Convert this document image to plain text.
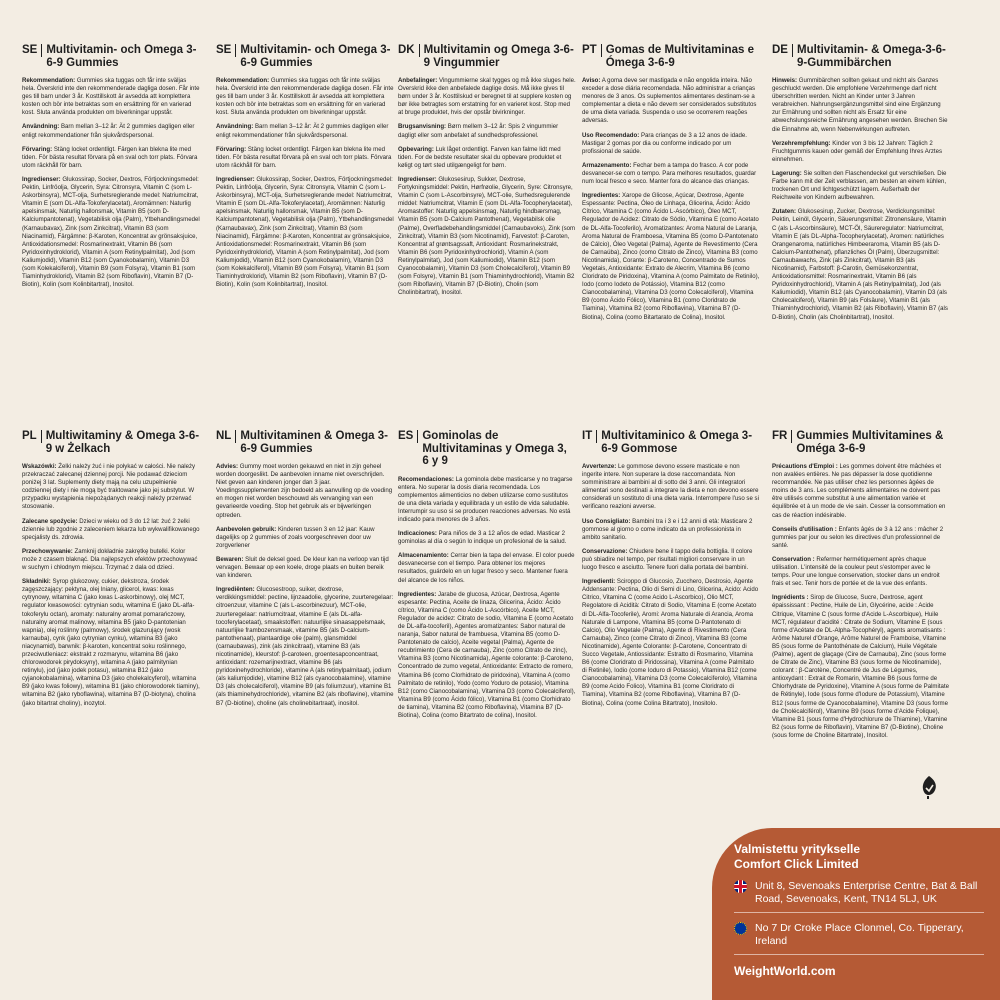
SE Multivitamin- och Omega 3-6-9 Gummies

Rekommendation: Gummies ska tuggas och får inte sväljas hela. Överskrid inte den rekommenderade dagliga dosen. Får inte ges till barn under 3 år. Kosttillskott är avsedda att komplettera kosten och bör inte betraktas som en ersättning för en varierad kost. Sluta använda produkten om biverkningar uppstår.

Användning: Barn mellan 3–12 år: Ät 2 gummies dagligen eller enligt rekommendationer från sjukvårdspersonal.

Förvaring: Stäng locket ordentligt. Färgen kan blekna lite med tiden. För bästa resultat förvara på en sval och torr plats. Förvara utom räckhåll för barn.

Ingredienser: Glukossirap, Socker, Dextros, Förtjockningsmedel: Pektin, Linfröolja, Glycerin, Syra: Citronsyra, Vitamin C (som L-Askorbinsyra), MCT-olja, Surhetsreglerande medel: Natriumcitrat, Vitamin E (som DL-Alfa-Tokoferylacetat), Aromämnen: Naturlig apelsinsmak, Naturlig hallonsmak, Vitamin B5 (som D-Kalciumpantotenat), Vegetabilisk olja (Palm), Ytbehandlingsmedel (Karnaubavax), Zink (som Zinkcitrat), Vitamin B3 (som Niacinamid), Färgämne: β-Karoten, Koncentrat av grönsaksjuice, Antioxidationsmedel: Rosmarinextrakt, Vitamin B6 (som Pyridoxinhydroklorid), Vitamin A (som Retinylpalmitat), Jod (som Kaliumjodid), Vitamin B12 (som Cyanokobalamin), Vitamin D3 (som Kolekalciferol), Vitamin B9 (som Folsyra), Vitamin B1 (som Tiaminhydroklorid), Vitamin B2 (som Riboflavin), Vitamin B7 (D-Biotin), Kolin (som Kolinbitartrat), Inositol.

SE Multivitamin- och Omega 3-6-9 Gummies

Rekommendation: Gummies ska tuggas och får inte sväljas hela. Överskrid inte den rekommenderade dagliga dosen. Får inte ges till barn under 3 år. Kosttillskott är avsedda att komplettera kosten och bör inte betraktas som en ersättning för en varierad kost. Sluta använda produkten om biverkningar uppstår.

Användning: Barn mellan 3–12 år: Ät 2 gummies dagligen eller enligt rekommendationer från sjukvårdspersonal.

Förvaring: Stäng locket ordentligt. Färgen kan blekna lite med tiden. För bästa resultat förvara på en sval och torr plats. Förvara utom räckhåll för barn.

Ingredienser: Glukossirap, Socker, Dextros, Förtjockningsmedel: Pektin, Linfröolja, Glycerin, Syra: Citronsyra, Vitamin C (som L-Askorbinsyra), MCT-olja, Surhetsreglerande medel: Natriumcitrat, Vitamin E (som DL-Alfa-Tokoferylacetat), Aromämnen: Naturlig apelsinsmak, Naturlig hallonsmak, Vitamin B5 (som D-Kalciumpantotenat), Vegetabilisk olja (Palm), Ytbehandlingsmedel (Karnaubavax), Zink (som Zinkcitrat), Vitamin B3 (som Niacinamid), Färgämne: β-Karoten, Koncentrat av grönsaksjuice, Antioxidationsmedel: Rosmarinextrakt, Vitamin B6 (som Pyridoxinhydroklorid), Vitamin A (som Retinylpalmitat), Jod (som Kaliumjodid), Vitamin B12 (som Cyanokobalamin), Vitamin D3 (som Kolekalciferol), Vitamin B9 (som Folsyra), Vitamin B1 (som Tiaminhydroklorid), Vitamin B2 (som Riboflavin), Vitamin B7 (D-Biotin), Kolin (som Kolinbitartrat), Inositol.

DK Multivitamin og Omega 3-6-9 Vingummier

Anbefalinger: Vingummierne skal tygges og må ikke sluges hele. Overskrid ikke den anbefalede daglige dosis. Må ikke gives til børn under 3 år. Kosttilskud er beregnet til at supplere kosten og bør ikke betragtes som erstatning for en varieret kost. Stop med at bruge produktet, hvis der opstår bivirkninger.

Brugsanvisning: Børn mellem 3–12 år: Spis 2 vingummier dagligt eller som anbefalet af sundhedsprofessionel.

Opbevaring: Luk låget ordentligt. Farven kan falme lidt med tiden. For de bedste resultater skal du opbevare produktet et køligt og tørt sted utilgængeligt for børn.

Ingredienser: Glukosesirup, Sukker, Dextrose, Fortykningsmiddel: Pektin, Hørfrøolie, Glycerin, Syre: Citronsyre, Vitamin C (som L-Ascorbinsyre), MCT-olie, Surhedsregulerende middel: Natriumcitrat, Vitamin E (som DL-Alfa-Tocopherylacetat), Aromastoffer: Naturlig appelsinsmag, Naturlig hindbærsmag, Vitamin B5 (som D-Calcium Pantothenat), Vegetabilsk olie (Palme), Overfladebehandlingsmiddel (Carnaubavoks), Zink (som Zinkcitrat), Vitamin B3 (som Nicotinamid), Farvestof: β-Caroten, Koncentrat af grøntsagssaft, Antioxidant: Rosmarinekstrakt, Vitamin B6 (som Pyridoxinhydrochlorid), Vitamin A (som Retinylpalmitat), Jod (som Kaliumiodid), Vitamin B12 (som Cyanocobalamin), Vitamin D3 (som Cholecalciferol), Vitamin B9 (som Folsyre), Vitamin B1 (som Thiaminhydrochlorid), Vitamin B2 (som Riboflavin), Vitamin B7 (D-Biotin), Cholin (som Cholinbitartrat), Inositol.

PT Gomas de Multivitaminas e Ómega 3-6-9

Aviso: A goma deve ser mastigada e não engolida inteira. Não exceder a dose diária recomendada. Não administrar a crianças menores de 3 anos. Os suplementos alimentares destinam-se a complementar a dieta e não devem ser considerados substitutos de uma dieta variada. Suspenda o uso se ocorrerem reações adversas.

Uso Recomendado: Para crianças de 3 a 12 anos de idade. Mastigar 2 gomas por dia ou conforme indicado por um profissional de saúde.

Armazenamento: Fechar bem a tampa do frasco. A cor pode desvanecer-se com o tempo. Para melhores resultados, guardar num local fresco e seco. Manter fora do alcance das crianças.

Ingredientes: Xarope de Glicose, Açúcar, Dextrose, Agente Espessante: Pectina, Óleo de Linhaça, Glicerina, Ácido: Ácido Cítrico, Vitamina C (como Ácido L-Ascórbico), Óleo MCT, Regulador de Acidez: Citrato de Sódio, Vitamina E (como Acetato de DL-Alfa-Tocoferilo), Aromatizantes: Aroma Natural de Laranja, Aroma Natural de Framboesa, Vitamina B5 (como D-Pantotenato de Cálcio), Óleo Vegetal (Palma), Agente de Revestimento (Cera de Carnaúba), Zinco (como Citrato de Zinco), Vitamina B3 (como Nicotinamida), Corante: β-Caroteno, Concentrado de Sumos Vegetais, Antioxidante: Extrato de Alecrim, Vitamina B6 (como Cloridrato de Piridoxina), Vitamina A (como Palmitato de Retinilo), Iodo (como Iodeto de Potássio), Vitamina B12 (como Cianocobalamina), Vitamina D3 (como Colecalciferol), Vitamina B9 (como Ácido Fólico), Vitamina B1 (como Cloridrato de Tiamina), Vitamina B2 (como Riboflavina), Vitamina B7 (D-Biotina), Colina (como Bitartarato de Colina), Inositol.

DE Multivitamin- & Omega-3-6-9-Gummibärchen

Hinweis: Gummibärchen sollten gekaut und nicht als Ganzes geschluckt werden. Die empfohlene Verzehrmenge darf nicht überschritten werden. Nicht an Kinder unter 3 Jahren verabreichen. Nahrungsergänzungsmittel sind eine Ergänzung zur Ernährung und sollten nicht als Ersatz für eine abwechslungsreiche Ernährung angesehen werden. Brechen Sie die Einnahme ab, wenn Nebenwirkungen auftreten.

Verzehrempfehlung: Kinder von 3 bis 12 Jahren: Täglich 2 Fruchtgummis kauen oder gemäß der Empfehlung Ihres Arztes einnehmen.

Lagerung: Sie sollten den Flaschendeckel gut verschließen. Die Farbe kann mit der Zeit verblassen, am besten an einem kühlen, trockenen Ort und lichtgeschützt lagern. Außerhalb der Reichweite von Kindern aufbewahren.

Zutaten: Glukosesirup, Zucker, Dextrose, Verdickungsmittel: Pektin, Leinöl, Glycerin, Säuerungsmittel: Zitronensäure, Vitamin C (als L-Ascorbinsäure), MCT-Öl, Säureregulator: Natriumcitrat, Vitamin E (als DL-Alpha-Tocopherylacetat), Aromen: natürliches Orangenaroma, natürliches Himbeeraroma, Vitamin B5 (als D-Calcium-Pantothenat), pflanzliches Öl (Palm), Überzugsmittel: Carnaubawachs, Zink (als Zinkcitrat), Vitamin B3 (als Nicotinamid), Farbstoff: β-Carotin, Gemüsekonzentrat, Antioxidationsmittel: Rosmarinextrakt, Vitamin B6 (als Pyridoxinhydrochlorid), Vitamin A (als Retinylpalmitat), Jod (als Kaliumiodid), Vitamin B12 (als Cyanocobalamin), Vitamin D3 (als Cholecalciferol), Vitamin B9 (als Folsäure), Vitamin B1 (als Thiaminhydrochlorid), Vitamin B2 (als Riboflavin), Vitamin B7 (als D-Biotin), Cholin (als Cholinbitartrat), Inositol.

PL Multiwitaminy & Omega 3-6-9 w Żelkach

Wskazówki: Żelki należy żuć i nie połykać w całości. Nie należy przekraczać zalecanej dziennej porcji. Nie podawać dzieciom poniżej 3 lat. Suplementy diety mają na celu uzupełnienie codziennej diety i nie mogą być traktowane jako jej substytut. W przypadku wystąpienia niepożądanych reakcji należy przerwać stosowanie.

Zalecane spożycie: Dzieci w wieku od 3 do 12 lat: żuć 2 żelki dziennie lub zgodnie z zaleceniem lekarza lub wykwalifikowanego specjalisty ds. zdrowia.

Przechowywanie: Zamknij dokładnie zakrętkę butelki. Kolor może z czasem blaknąć. Dla najlepszych efektów przechowywać w suchym i chłodnym miejscu. Trzymać z dala od dzieci.

Składniki: Syrop glukozowy, cukier, dekstroza, środek zagęszczający: pektyna, olej lniany, glicerol, kwas: kwas cytrynowy, witamina C (jako kwas L-askorbinowy), olej MCT, regulator kwasowości: cytrynian sodu, witamina E (jako DL-alfa-tokoferylu octan), aromaty: naturalny aromat pomarańczowy, naturalny aromat malinowy, witamina B5 (jako D-pantotenian wapnia), olej roślinny (palmowy), środek glazurujący (wosk karnauba), cynk (jako cytrynian cynku), witamina B3 (jako niacynamid), barwnik: β-karoten, koncentrat soku roślinnego, przeciwutleniacz: ekstrakt z rozmarynu, witamina B6 (jako chlorowodorek pirydoksyny), witamina A (jako palmitynian retinylu), jod (jako jodek potasu), witamina B12 (jako cyjanokobalamina), witamina D3 (jako cholekalcyferol), witamina B9 (jako kwas foliowy), witamina B1 (jako chlorowodorek tiaminy), witamina B2 (jako ryboflawina), witamina B7 (D-biotyna), cholina (jako bitartrat choliny), inozytol.

NL Multivitaminen & Omega 3-6-9 Gummies

Advies: Gummy moet worden gekauwd en niet in zijn geheel worden doorgeslikt. De aanbevolen inname niet overschrijden. Niet geven aan kinderen jonger dan 3 jaar. Voedingssupplementen zijn bedoeld als aanvulling op de voeding en mogen niet worden beschouwd als vervanging van een gevarieerde voeding. Stop het gebruik als er bijwerkingen optreden.

Aanbevolen gebruik: Kinderen tussen 3 en 12 jaar: Kauw dagelijks op 2 gummies of zoals voorgeschreven door uw zorgverlener

Bewaren: Sluit de deksel goed. De kleur kan na verloop van tijd vervagen. Bewaar op een koele, droge plaats en buiten bereik van kinderen.

Ingrediënten: Glucosestroop, suiker, dextrose, verdikkingsmiddel: pectine, lijnzaadolie, glycerine, zuurteregelaar: citroenzuur, vitamine C (als L-ascorbinezuur), MCT-olie, zuurteregelaar: natriumcitraat, vitamine E (als DL-alfa-tocoferylacetaat), smaakstoffen: natuurlijke sinaasappelsmaak, natuurlijke frambozensmaak, vitamine B5 (als D-calcium-pantothenaat), plantaardige olie (palm), glansmiddel (carnaubawas), zink (als zinkcitraat), vitamine B3 (als nicotinamide), kleurstof: β-caroteen, groentesapconcentraat, antioxidant: rozemarijnextract, vitamine B6 (als pyridoxinehydrochloride), vitamine A (als retinylpalmitaat), jodium (als kaliumjodide), vitamine B12 (als cyanocobalamine), vitamine D3 (als cholecalciferol), vitamine B9 (als foliumzuur), vitamine B1 (als thiaminehydrochloride), vitamine B2 (als riboflavine), vitamine B7 (D-biotine), choline (als cholinebitartraat), inositol.

ES Gominolas de Multivitaminas y Omega 3, 6 y 9

Recomendaciones: La gominola debe masticarse y no tragarse entera. No superar la dosis diaria recomendada. Los complementos alimenticios no deben utilizarse como sustitutos de una dieta variada y equilibrada y un estilo de vida saludable. Interrumpir su uso si se producen reacciones adversas. No está indicado para menores de 3 años.

Indicaciones: Para niños de 3 a 12 años de edad. Masticar 2 gominolas al día o según lo indique un profesional de la salud.

Almacenamiento: Cerrar bien la tapa del envase. El color puede desvanecerse con el tiempo. Para obtener los mejores resultados, guárdelo en un lugar fresco y seco. Mantener fuera del alcance de los niños.

Ingredientes: Jarabe de glucosa, Azúcar, Dextrosa, Agente espesante: Pectina, Aceite de linaza, Glicerina, Ácido: Ácido cítrico, Vitamina C (como Ácido L-Ascórbico), Aceite MCT, Regulador de acidez: Citrato de sodio, Vitamina E (como Acetato de DL-alfa-tocoferil), Agentes aromatizantes: Sabor natural de naranja, Sabor natural de frambuesa, Vitamina B5 (como D-Pantotenato de calcio), Aceite vegetal (Palma), Agente de recubrimiento (Cera de carnauba), Zinc (como Citrato de zinc), Vitamina B3 (como Nicotinamida), Agente colorante: β-Caroteno, Concentrado de zumo vegetal, Antioxidante: Extracto de romero, Vitamina B6 (como Clorhidrato de piridoxina), Vitamina A (como Palmitato de retinilo), Yodo (como Yoduro de potasio), Vitamina B12 (como Cianocobalamina), Vitamina D3 (como Colecalciferol), Vitamina B9 (como Ácido fólico), Vitamina B1 (como Clorhidrato de tiamina), Vitamina B2 (como Riboflavina), Vitamina B7 (D-Biotina), Colina (como Bitartrato de colina), Inositol.

IT Multivitaminico & Omega 3-6-9 Gommose

Avvertenze: Le gommose devono essere masticate e non ingerite intere. Non superare la dose raccomandata. Non somministrare ai bambini al di sotto dei 3 anni. Gli integratori alimentari sono destinati a integrare la dieta e non devono essere considerati un sostituto di una dieta varia. Interrompere l'uso se si verificano reazioni avverse.

Uso Consigliato: Bambini tra i 3 e i 12 anni di età: Masticare 2 gommose al giorno o come indicato da un professionista in ambito sanitario.

Conservazione: Chiudere bene il tappo della bottiglia. Il colore può sbiadire nel tempo, per risultati migliori conservare in un luogo fresco e asciutto. Tenere fuori dalla portata dei bambini.

Ingredienti: Sciroppo di Glucosio, Zucchero, Destrosio, Agente Addensante: Pectina, Olio di Semi di Lino, Glicerina, Acido: Acido Citrico, Vitamina C (come Acido L-Ascorbico), Olio MCT, Regolatore di Acidità: Citrato di Sodio, Vitamina E (come Acetato di DL-Alfa-Tocoferile), Aromi: Aroma Naturale di Arancia, Aroma Naturale di Lampone, Vitamina B5 (come D-Pantotenato di Calcio), Olio Vegetale (Palma), Agente di Rivestimento (Cera Carnauba), Zinco (come Citrato di Zinco), Vitamina B3 (come Nicotinamide), Agente Colorante: β-Carotene, Concentrato di Succo Vegetale, Antiossidante: Estratto di Rosmarino, Vitamina B6 (come Cloridrato di Piridossina), Vitamina A (come Palmitato di Retinile), Iodio (come Ioduro di Potassio), Vitamina B12 (come Cianocobalamina), Vitamina D3 (come Colecalciferolo), Vitamina B9 (come Acido Folico), Vitamina B1 (come Cloridrato di Tiamina), Vitamina B2 (come Riboflavina), Vitamina B7 (D-Biotina), Colina (come Colina Bitartrato), Inositolo.

FR Gummies Multivitamines & Oméga 3-6-9

Précautions d'Emploi : Les gommes doivent être mâchées et non avalées entières. Ne pas dépasser la dose quotidienne recommandée. Ne pas utiliser chez les personnes âgées de moins de 3 ans. Les compléments alimentaires ne doivent pas être utilisés comme substitut à une alimentation variée et équilibrée et à un mode de vie sain. Cesser la consommation en cas de réaction indésirable.

Conseils d'utilisation : Enfants âgés de 3 à 12 ans : mâcher 2 gummies par jour ou selon les directives d'un professionnel de santé.

Conservation : Refermer hermétiquement après chaque utilisation. L'intensité de la couleur peut s'estomper avec le temps. Pour une longue conservation, stocker dans un endroit frais et sec. Tenir hors de portée et de la vue des enfants.

Ingrédients : Sirop de Glucose, Sucre, Dextrose, agent épaississant : Pectine, Huile de Lin, Glycérine, acide : Acide Citrique, Vitamine C (sous forme d'Acide L-Ascorbique), Huile MCT, régulateur d'acidité : Citrate de Sodium, Vitamine E (sous forme d'Acétate de DL-Alpha-Tocophéryl), agents aromatisants : Arôme Naturel d'Orange, Arôme Naturel de Framboise, Vitamine B5 (sous forme de Pantothénate de Calcium), Huile Végétale (Palme), agent de glaçage (Cire de Carnauba), Zinc (sous forme de Citrate de Zinc), Vitamine B3 (sous forme de Nicotinamide), colorant : β-Carotène, Concentré de Jus de Légumes, antioxydant : Extrait de Romarin, Vitamine B6 (sous forme de Chlorhydrate de Pyridoxine), Vitamine A (sous forme de Palmitate de Rétinyle), Iode (sous forme d'Iodure de Potassium), Vitamine B12 (sous forme de Cyanocobalamine), Vitamine D3 (sous forme de Cholécalciférol), Vitamine B9 (sous forme d'Acide Folique), Vitamine B1 (sous forme d'Hydrochlorure de Thiamine), Vitamine B2 (sous forme de Riboflavin), Vitamine B7 (D-Biotine), Choline (sous forme de Choline Bitartrate), Inositol.

Valmistettu yritykselle
Comfort Click Limited
Unit 8, Sevenoaks Enterprise Centre, Bat & Ball Road, Sevenoaks, Kent, TN14 5LJ, UK
No 7 Dr Croke Place Clonmel, Co. Tipperary, Ireland
WeightWorld.com
